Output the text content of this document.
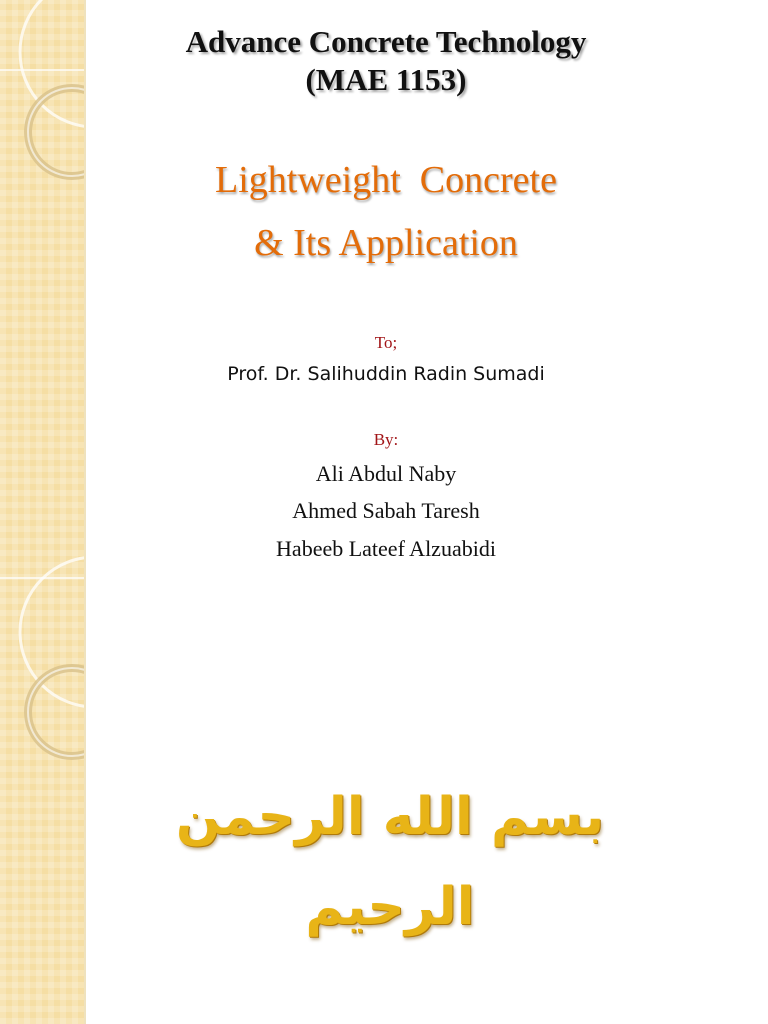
Advance Concrete Technology
(MAE 1153)
Lightweight  Concrete
& Its Application
To;
Prof. Dr. Salihuddin Radin Sumadi
By:
Ali Abdul Naby
Ahmed Sabah Taresh
Habeeb Lateef Alzuabidi
بسم الله الرحمن الرحيم
